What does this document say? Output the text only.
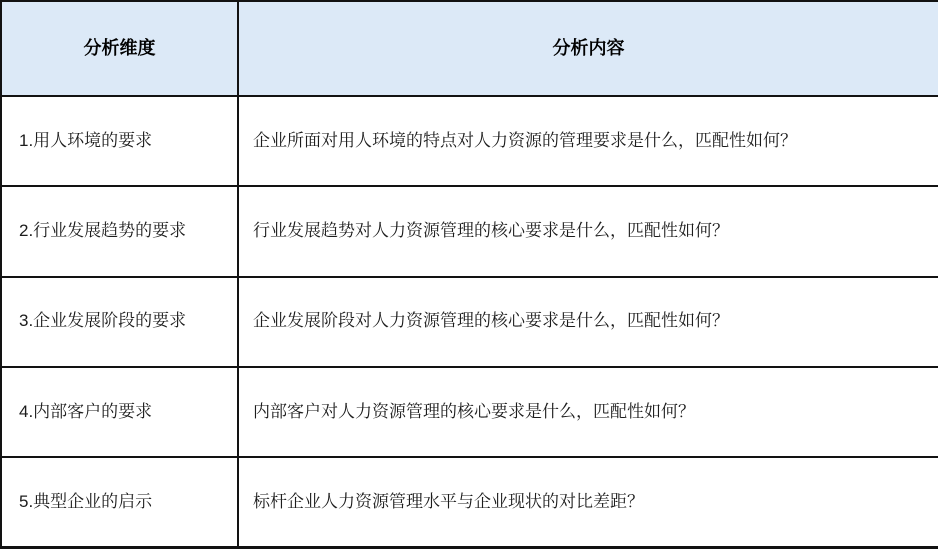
分析维度	分析内容
1.用人环境的要求	企业所面对用人环境的特点对人力资源的管理要求是什么，匹配性如何？
2.行业发展趋势的要求	行业发展趋势对人力资源管理的核心要求是什么，匹配性如何？
3.企业发展阶段的要求	企业发展阶段对人力资源管理的核心要求是什么，匹配性如何？
4.内部客户的要求	内部客户对人力资源管理的核心要求是什么，匹配性如何？
5.典型企业的启示	标杆企业人力资源管理水平与企业现状的对比差距？
